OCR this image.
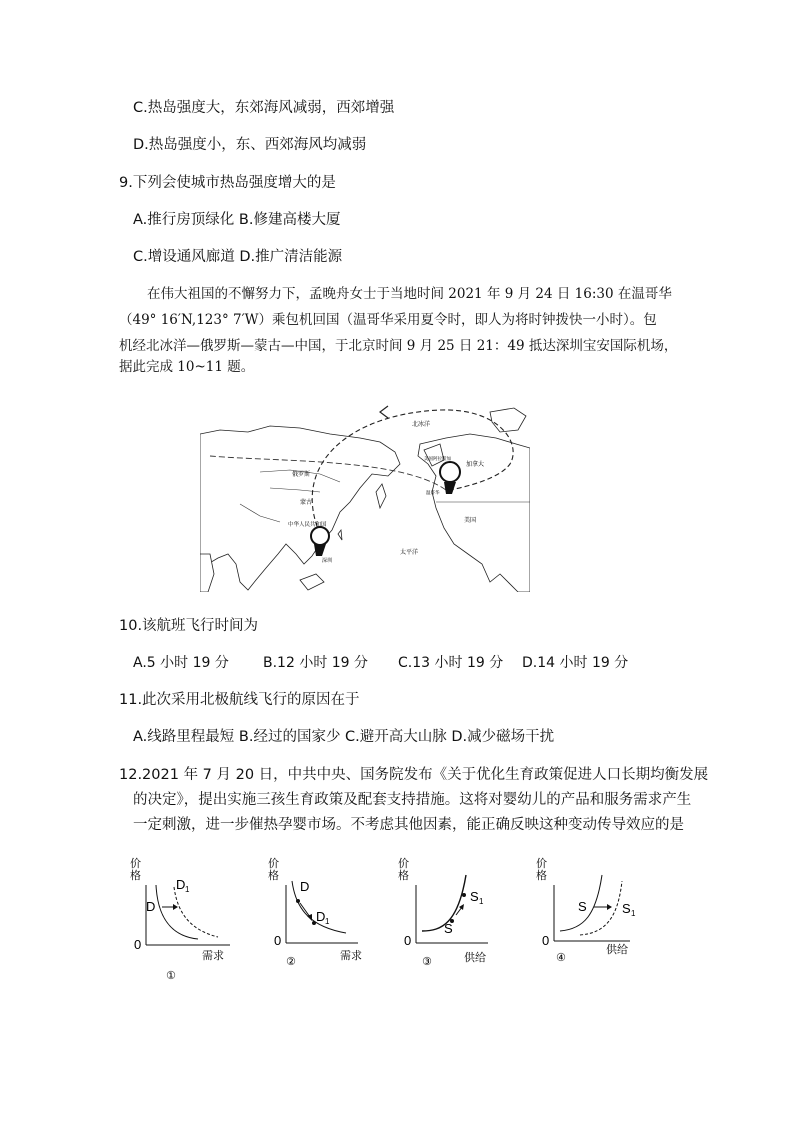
C.热岛强度大，东郊海风减弱，西郊增强
D.热岛强度小，东、西郊海风均减弱
9.下列会使城市热岛强度增大的是
A.推行房顶绿化 B.修建高楼大厦
C.增设通风廊道 D.推广清洁能源
在伟大祖国的不懈努力下，孟晚舟女士于当地时间 2021 年 9 月 24 日 16:30 在温哥华
（49° 16′N,123° 7′W）乘包机回国（温哥华采用夏令时，即人为将时钟拨快一小时）。包
机经北冰洋—俄罗斯—蒙古—中国，于北京时间 9 月 25 日 21：49 抵达深圳宝安国际机场，
据此完成 10~11 题。
北冰洋
俄罗斯
蒙古
中华人民共和国
深圳
太平洋
加拿大
美国
温哥华
美国阿拉斯加
10.该航班飞行时间为
A.5 小时 19 分 B.12 小时 19 分 C.13 小时 19 分 D.14 小时 19 分
11.此次采用北极航线飞行的原因在于
A.线路里程最短 B.经过的国家少 C.避开高大山脉 D.减少磁场干扰
12.2021 年 7 月 20 日，中共中央、国务院发布《关于优化生育政策促进人口长期均衡发展
的决定》，提出实施三孩生育政策及配套支持措施。这将对婴幼儿的产品和服务需求产生
一定刺激，进一步催热孕婴市场。不考虑其他因素，能正确反映这种变动传导效应的是
价
格
0
需求
D
D 1
①
价
格
0
需求
D
D 1
②
价
格
0
供给
S
S 1
③
价
格
0
供给
S	S 1
④
